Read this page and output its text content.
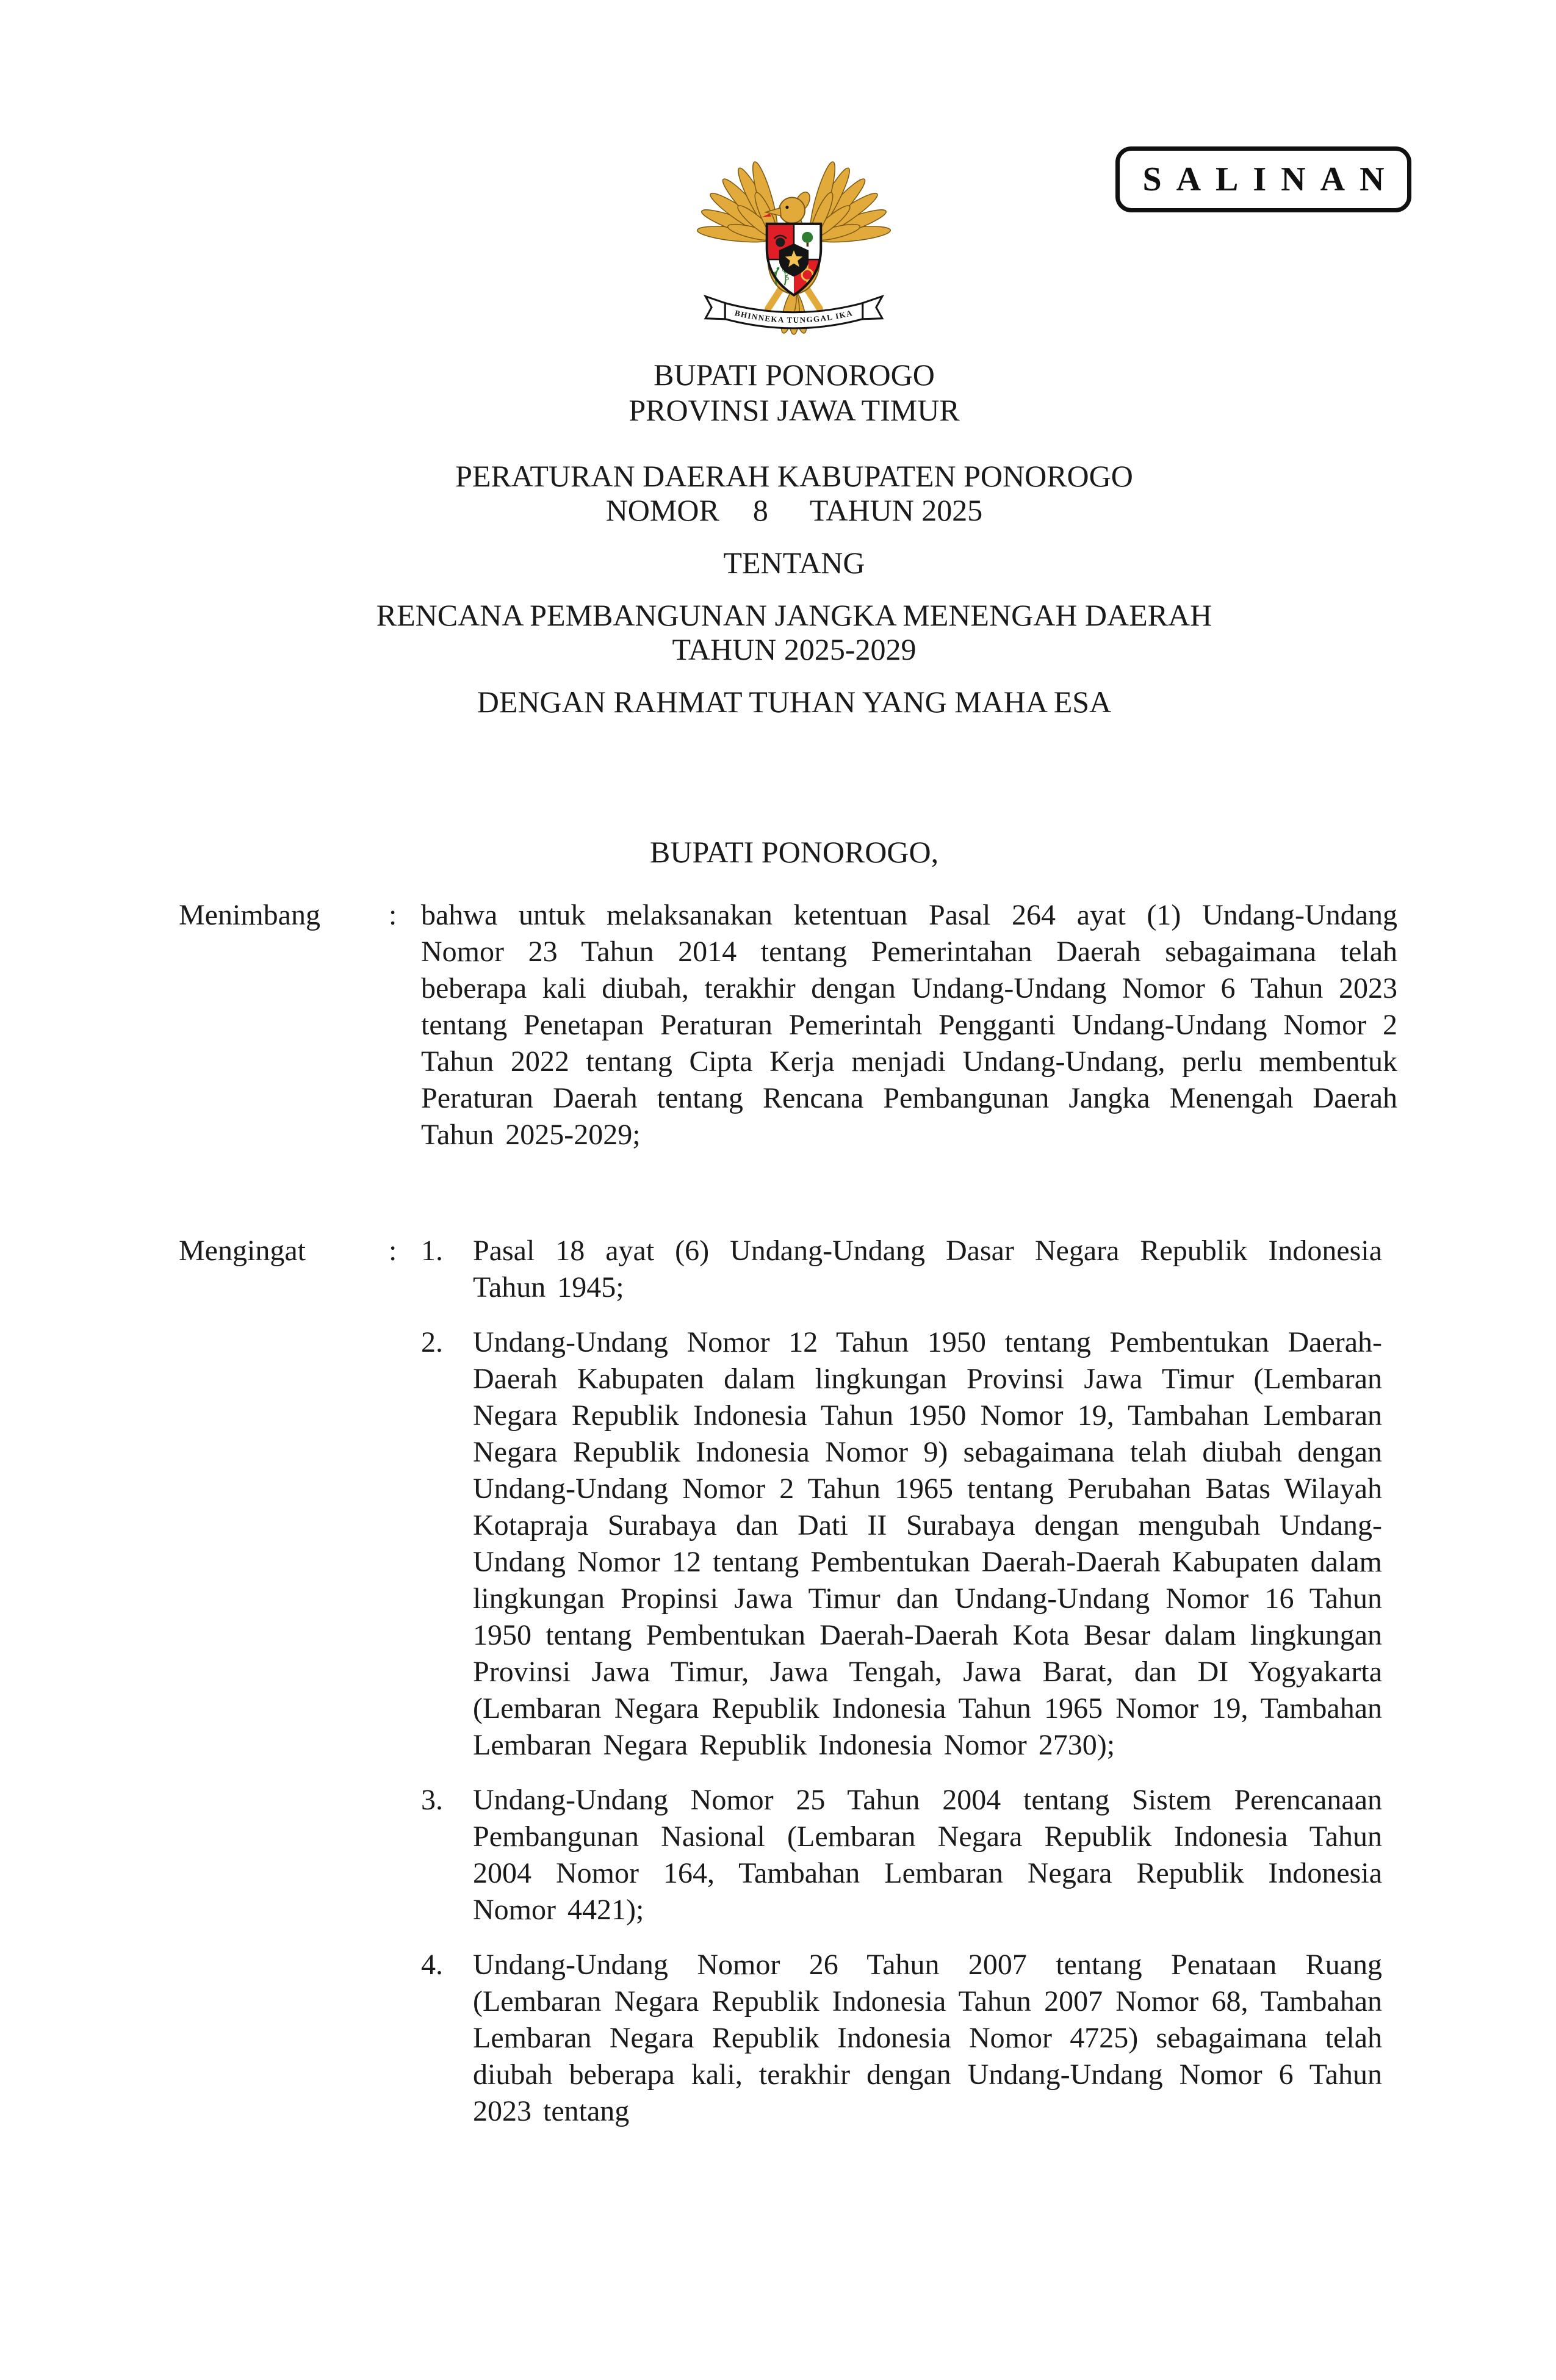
SALINAN
BHINNEKA TUNGGAL IKA
BUPATI PONOROGO
PROVINSI JAWA TIMUR
PERATURAN DAERAH KABUPATEN PONOROGO
NOMOR 8 TAHUN 2025
TENTANG
RENCANA PEMBANGUNAN JANGKA MENENGAH DAERAH
TAHUN 2025-2029
DENGAN RAHMAT TUHAN YANG MAHA ESA
BUPATI PONOROGO,
Menimbang	: bahwa untuk melaksanakan ketentuan Pasal 264 ayat (1) Undang-Undang Nomor 23 Tahun 2014 tentang Pemerintahan Daerah sebagaimana telah beberapa kali diubah, terakhir dengan Undang-Undang Nomor 6 Tahun 2023 tentang Penetapan Peraturan Pemerintah Pengganti Undang-Undang Nomor 2 Tahun 2022 tentang Cipta Kerja menjadi Undang-Undang, perlu membentuk Peraturan Daerah tentang Rencana Pembangunan Jangka Menengah Daerah Tahun 2025-2029;
Mengingat	: 1.	Pasal 18 ayat (6) Undang-Undang Dasar Negara Republik Indonesia Tahun 1945;
2.	Undang-Undang Nomor 12 Tahun 1950 tentang Pembentukan Daerah-Daerah Kabupaten dalam lingkungan Provinsi Jawa Timur (Lembaran Negara Republik Indonesia Tahun 1950 Nomor 19, Tambahan Lembaran Negara Republik Indonesia Nomor 9) sebagaimana telah diubah dengan Undang-Undang Nomor 2 Tahun 1965 tentang Perubahan Batas Wilayah Kotapraja Surabaya dan Dati II Surabaya dengan mengubah Undang-Undang Nomor 12 tentang Pembentukan Daerah-Daerah Kabupaten dalam lingkungan Propinsi Jawa Timur dan Undang-Undang Nomor 16 Tahun 1950 tentang Pembentukan Daerah-Daerah Kota Besar dalam lingkungan Provinsi Jawa Timur, Jawa Tengah, Jawa Barat, dan DI Yogyakarta (Lembaran Negara Republik Indonesia Tahun 1965 Nomor 19, Tambahan Lembaran Negara Republik Indonesia Nomor 2730);
3.	Undang-Undang Nomor 25 Tahun 2004 tentang Sistem Perencanaan Pembangunan Nasional (Lembaran Negara Republik Indonesia Tahun 2004 Nomor 164, Tambahan Lembaran Negara Republik Indonesia Nomor 4421);
4.	Undang-Undang Nomor 26 Tahun 2007 tentang Penataan Ruang (Lembaran Negara Republik Indonesia Tahun 2007 Nomor 68, Tambahan Lembaran Negara Republik Indonesia Nomor 4725) sebagaimana telah diubah beberapa kali, terakhir dengan Undang-Undang Nomor 6 Tahun 2023 tentang
